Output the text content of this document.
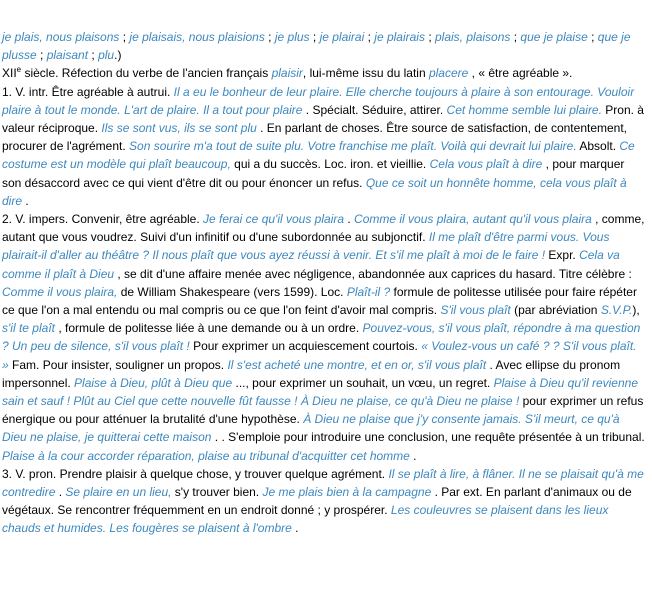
je plais, nous plaisons ; je plaisais, nous plaisions ; je plus ; je plairai ; je plairais ; plais, plaisons ; que je plaise ; que je plusse ; plaisant ; plu.)

XIIe siècle. Réfection du verbe de l'ancien français plaisir, lui-même issu du latin placere , « être agréable ».

1. V. intr. Être agréable à autrui. Il a eu le bonheur de leur plaire. Elle cherche toujours à plaire à son entourage. Vouloir plaire à tout le monde. L'art de plaire. Il a tout pour plaire . Spécialt. Séduire, attirer. Cet homme semble lui plaire. Pron. à valeur réciproque. Ils se sont vus, ils se sont plu . En parlant de choses. Être source de satisfaction, de contentement, procurer de l'agrément. Son sourire m'a tout de suite plu. Votre franchise me plaît. Voilà qui devrait lui plaire. Absolt. Ce costume est un modèle qui plaît beaucoup, qui a du succès. Loc. iron. et vieillie. Cela vous plaît à dire , pour marquer son désaccord avec ce qui vient d'être dit ou pour énoncer un refus. Que ce soit un honnête homme, cela vous plaît à dire .

2. V. impers. Convenir, être agréable. Je ferai ce qu'il vous plaira . Comme il vous plaira, autant qu'il vous plaira , comme, autant que vous voudrez. Suivi d'un infinitif ou d'une subordonnée au subjonctif. Il me plaît d'être parmi vous. Vous plairait-il d'aller au théâtre ? Il nous plaît que vous ayez réussi à venir. Et s'il me plaît à moi de le faire ! Expr. Cela va comme il plaît à Dieu , se dit d'une affaire menée avec négligence, abandonnée aux caprices du hasard. Titre célèbre : Comme il vous plaira, de William Shakespeare (vers 1599). Loc. Plaît-il ? formule de politesse utilisée pour faire répéter ce que l'on a mal entendu ou mal compris ou ce que l'on feint d'avoir mal compris. S'il vous plaît (par abréviation S.V.P.), s'il te plaît , formule de politesse liée à une demande ou à un ordre. Pouvez-vous, s'il vous plaît, répondre à ma question ? Un peu de silence, s'il vous plaît ! Pour exprimer un acquiescement courtois. « Voulez-vous un café ? ? S'il vous plaît. » Fam. Pour insister, souligner un propos. Il s'est acheté une montre, et en or, s'il vous plaît . Avec ellipse du pronom impersonnel. Plaise à Dieu, plût à Dieu que ..., pour exprimer un souhait, un vœu, un regret. Plaise à Dieu qu'il revienne sain et sauf ! Plût au Ciel que cette nouvelle fût fausse ! À Dieu ne plaise, ce qu'à Dieu ne plaise ! pour exprimer un refus énergique ou pour atténuer la brutalité d'une hypothèse. À Dieu ne plaise que j'y consente jamais. S'il meurt, ce qu'à Dieu ne plaise, je quitterai cette maison . . S'emploie pour introduire une conclusion, une requête présentée à un tribunal. Plaise à la cour accorder réparation, plaise au tribunal d'acquitter cet homme .

3. V. pron. Prendre plaisir à quelque chose, y trouver quelque agrément. Il se plaît à lire, à flâner. Il ne se plaisait qu'à me contredire . Se plaire en un lieu, s'y trouver bien. Je me plais bien à la campagne . Par ext. En parlant d'animaux ou de végétaux. Se rencontrer fréquemment en un endroit donné ; y prospérer. Les couleuvres se plaisent dans les lieux chauds et humides. Les fougères se plaisent à l'ombre .
